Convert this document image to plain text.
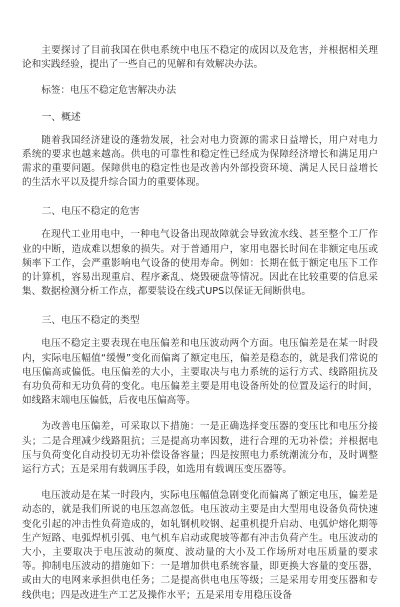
主要探讨了目前我国在供电系统中电压不稳定的成因以及危害，并根据相关理论和实践经验，提出了一些自己的见解和有效解决办法。

标签：电压不稳定危害解决办法

一、概述

随着我国经济建设的蓬勃发展，社会对电力资源的需求日益增长，用户对电力系统的要求也越来越高。供电的可靠性和稳定性已经成为保障经济增长和满足用户需求的重要问题。保障供电的稳定性也是改善内外部投资环境、满足人民日益增长的生活水平以及提升综合国力的重要体现。

二、电压不稳定的危害

在现代工业用电中，一种电气设备出现故障就会导致流水线、甚至整个工厂作业的中断，造成难以想象的损失。对于普通用户，家用电器长时间在非额定电压或频率下工作，会严重影响电气设备的使用寿命。例如：长期在低于额定电压下工作的计算机，容易出现重启、程序紊乱、烧毁硬盘等情况。因此在比较重要的信息采集、数据检测分析工作点，都要装设在线式UPS以保证无间断供电。

三、电压不稳定的类型

电压不稳定主要表现在电压偏差和电压波动两个方面。电压偏差是在某一时段内，实际电压幅值“缓慢”变化而偏离了额定电压，偏差是稳态的，就是我们常说的电压偏高或偏低。电压偏差的大小，主要取决与电力系统的运行方式、线路阻抗及有功负荷和无功负荷的变化。电压偏差主要是用电设备所处的位置及运行的时间，如线路末端电压偏低，后夜电压偏高等。

为改善电压偏差，可采取以下措施：一是正确选择变压器的变压比和电压分接头；二是合理减少线路阻抗；三是提高功率因数，进行合理的无功补偿；并根据电压与负荷变化自动投切无功补偿设备容量；四是按照电力系统潮流分布，及时调整运行方式；五是采用有载调压手段，如选用有载调压变压器等。

电压波动是在某一时段内，实际电压幅值急剧变化而偏离了额定电压，偏差是动态的，就是我们所说的电压忽高忽低。电压波动主要是由大型用电设备负荷快速变化引起的冲击性负荷造成的，如轧钢机咬钢、起重机提升启动、电弧炉熔化期等生产短路、电弧焊机引弧、电气机车启动或爬坡等都有冲击负荷产生。电压波动的大小，主要取决于电压波动的频度、波动量的大小及工作场所对电压质量的要求等。抑制电压波动的措施如下：一是增加供电系统容量，即更换大容量的变压器，或由大的电网来承担供电任务；二是提高供电电压等级；三是采用专用变压器和专线供电；四是改进生产工艺及操作水平；五是采用专用稳压设备
